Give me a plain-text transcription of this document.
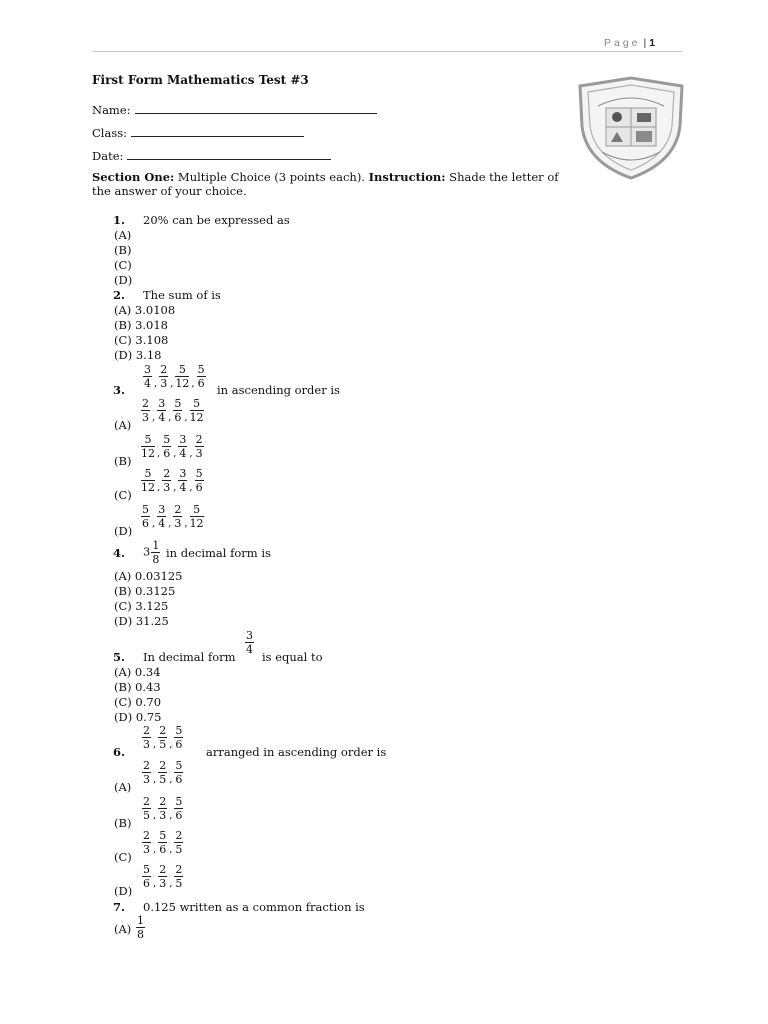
Page | 1
First Form Mathematics Test #3
Name:
Class:
Date:
Section One: Multiple Choice (3 points each). Instruction: Shade the letter of the answer of your choice.
1. 20% can be expressed as
(A)
(B)
(C)
(D)
2. The sum of is
(A) 3.0108
(B) 3.018
(C) 3.108
(D) 3.18
3.
$\frac{3}{4}$ , $\frac{2}{3}$ , $\frac{5}{12}$ , $\frac{5}{6}$
in ascending order is
(A)
$\frac{2}{3}$ , $\frac{3}{4}$ , $\frac{5}{6}$ , $\frac{5}{12}$
(B)
$\frac{5}{12}$ , $\frac{5}{6}$ , $\frac{3}{4}$ , $\frac{2}{3}$
(C)
$\frac{5}{12}$ , $\frac{2}{3}$ , $\frac{3}{4}$ , $\frac{5}{6}$
(D)
$\frac{5}{6}$ , $\frac{3}{4}$ , $\frac{2}{3}$ , $\frac{5}{12}$
4. $3 \frac{1}{8}$ in decimal form is
(A) 0.03125
(B) 0.3125
(C) 3.125
(D) 31.25
5. In decimal form
$\frac{3}{4}$
is equal to
(A) 0.34
(B) 0.43
(C) 0.70
(D) 0.75
6.
$\frac{2}{3}$ , $\frac{2}{5}$ , $\frac{5}{6}$
arranged in ascending order is
(A)
$\frac{2}{3}$ , $\frac{2}{5}$ , $\frac{5}{6}$
(B)
$\frac{2}{5}$ , $\frac{2}{3}$ , $\frac{5}{6}$
(C)
$\frac{2}{3}$ , $\frac{5}{6}$ , $\frac{2}{5}$
(D)
$\frac{5}{6}$ , $\frac{2}{3}$ , $\frac{2}{5}$
7. 0.125 written as a common fraction is
$(A) \frac{1}{8}$
